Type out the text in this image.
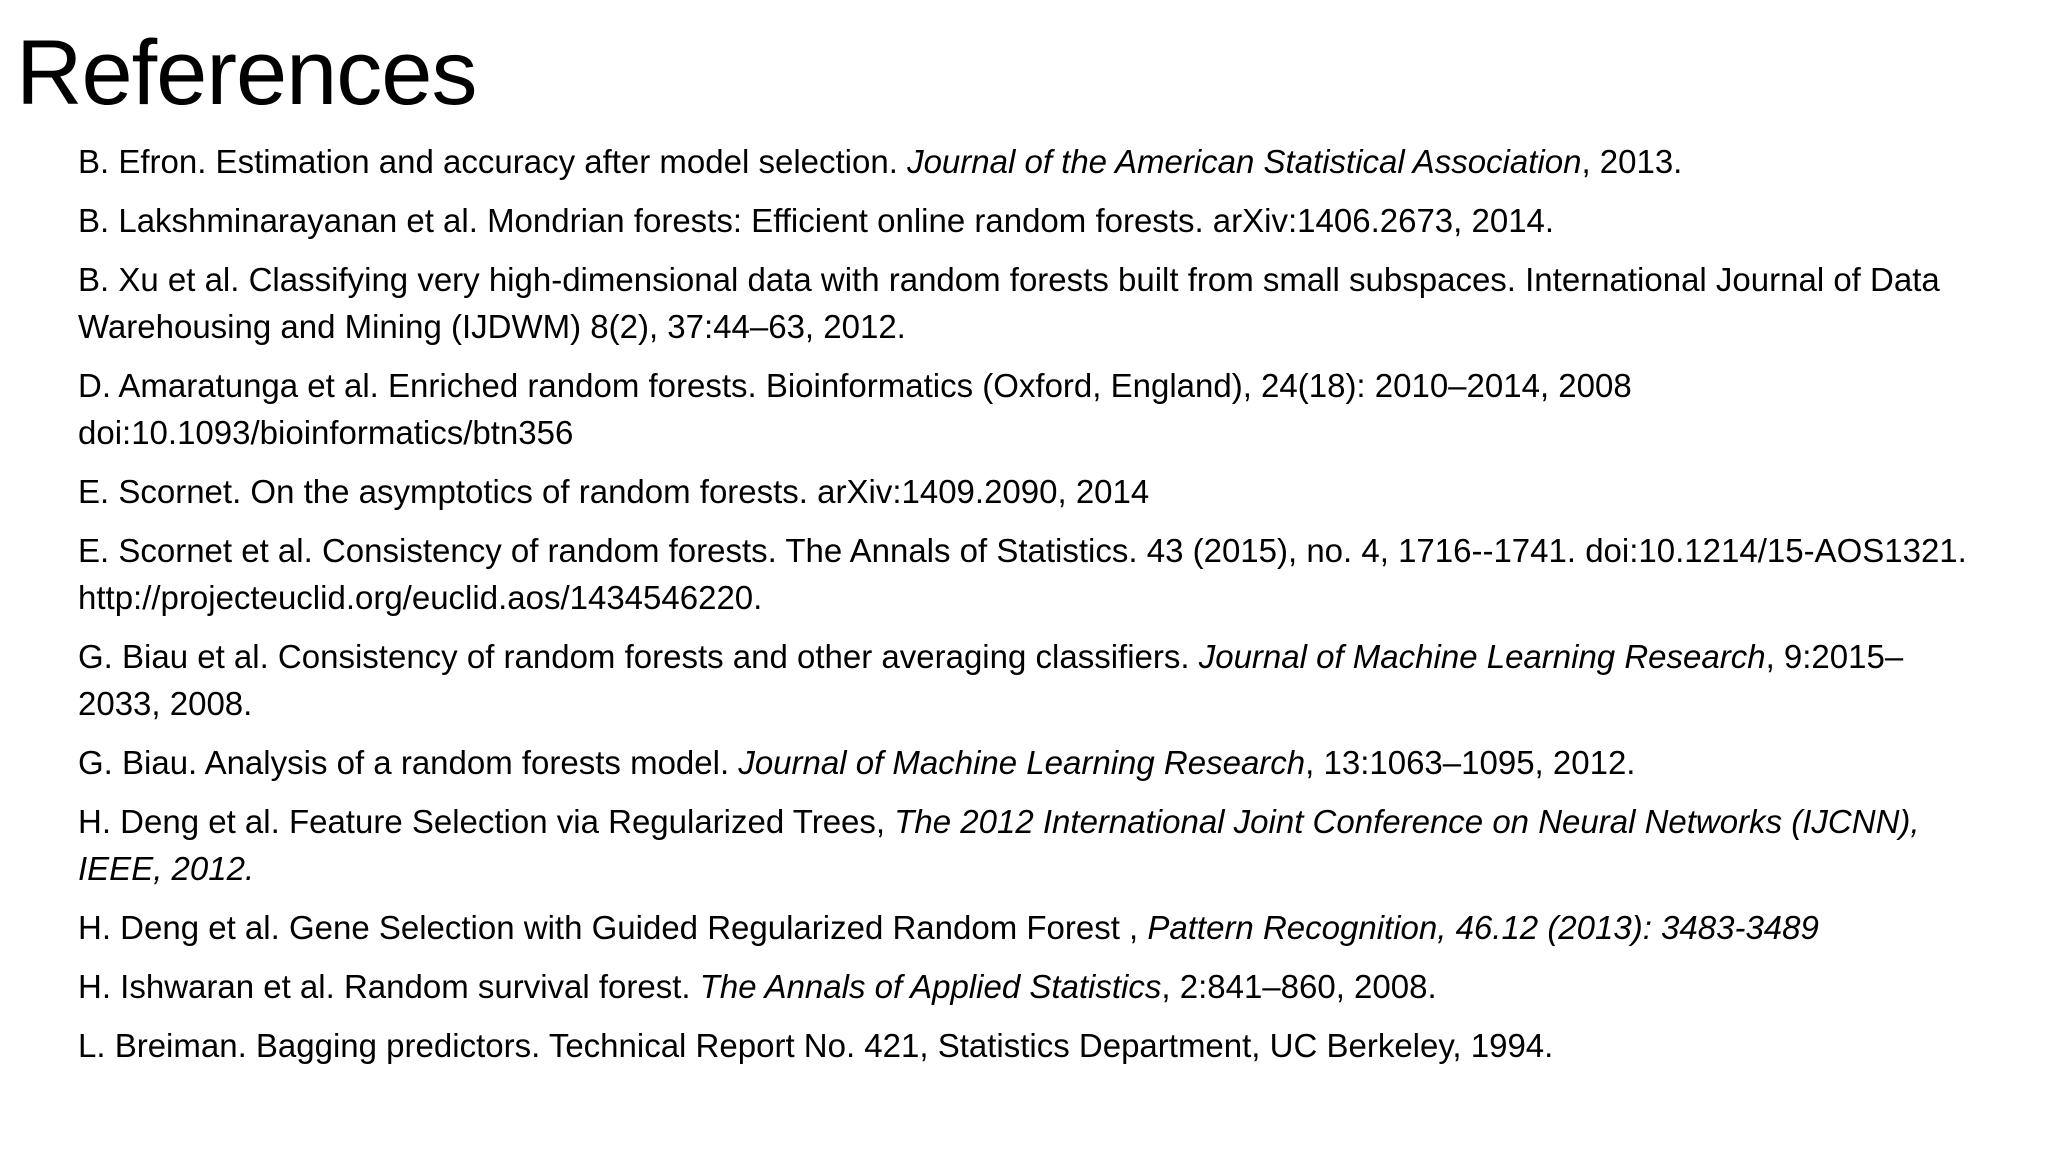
References
B. Efron. Estimation and accuracy after model selection. Journal of the American Statistical Association, 2013.
B. Lakshminarayanan et al. Mondrian forests: Efficient online random forests. arXiv:1406.2673, 2014.
B. Xu et al. Classifying very high-dimensional data with random forests built from small subspaces. International Journal of Data Warehousing and Mining (IJDWM) 8(2), 37:44–63, 2012.
D. Amaratunga et al. Enriched random forests. Bioinformatics (Oxford, England), 24(18): 2010–2014, 2008 doi:10.1093/bioinformatics/btn356
E. Scornet. On the asymptotics of random forests. arXiv:1409.2090, 2014
E. Scornet et al. Consistency of random forests. The Annals of Statistics. 43 (2015), no. 4, 1716--1741. doi:10.1214/15-AOS1321. http://projecteuclid.org/euclid.aos/1434546220.
G. Biau et al. Consistency of random forests and other averaging classifiers. Journal of Machine Learning Research, 9:2015–2033, 2008.
G. Biau. Analysis of a random forests model. Journal of Machine Learning Research, 13:1063–1095, 2012.
H. Deng et al. Feature Selection via Regularized Trees, The 2012 International Joint Conference on Neural Networks (IJCNN), IEEE, 2012.
H. Deng et al. Gene Selection with Guided Regularized Random Forest , Pattern Recognition, 46.12 (2013): 3483-3489
H. Ishwaran et al. Random survival forest. The Annals of Applied Statistics, 2:841–860, 2008.
L. Breiman. Bagging predictors. Technical Report No. 421, Statistics Department, UC Berkeley, 1994.
